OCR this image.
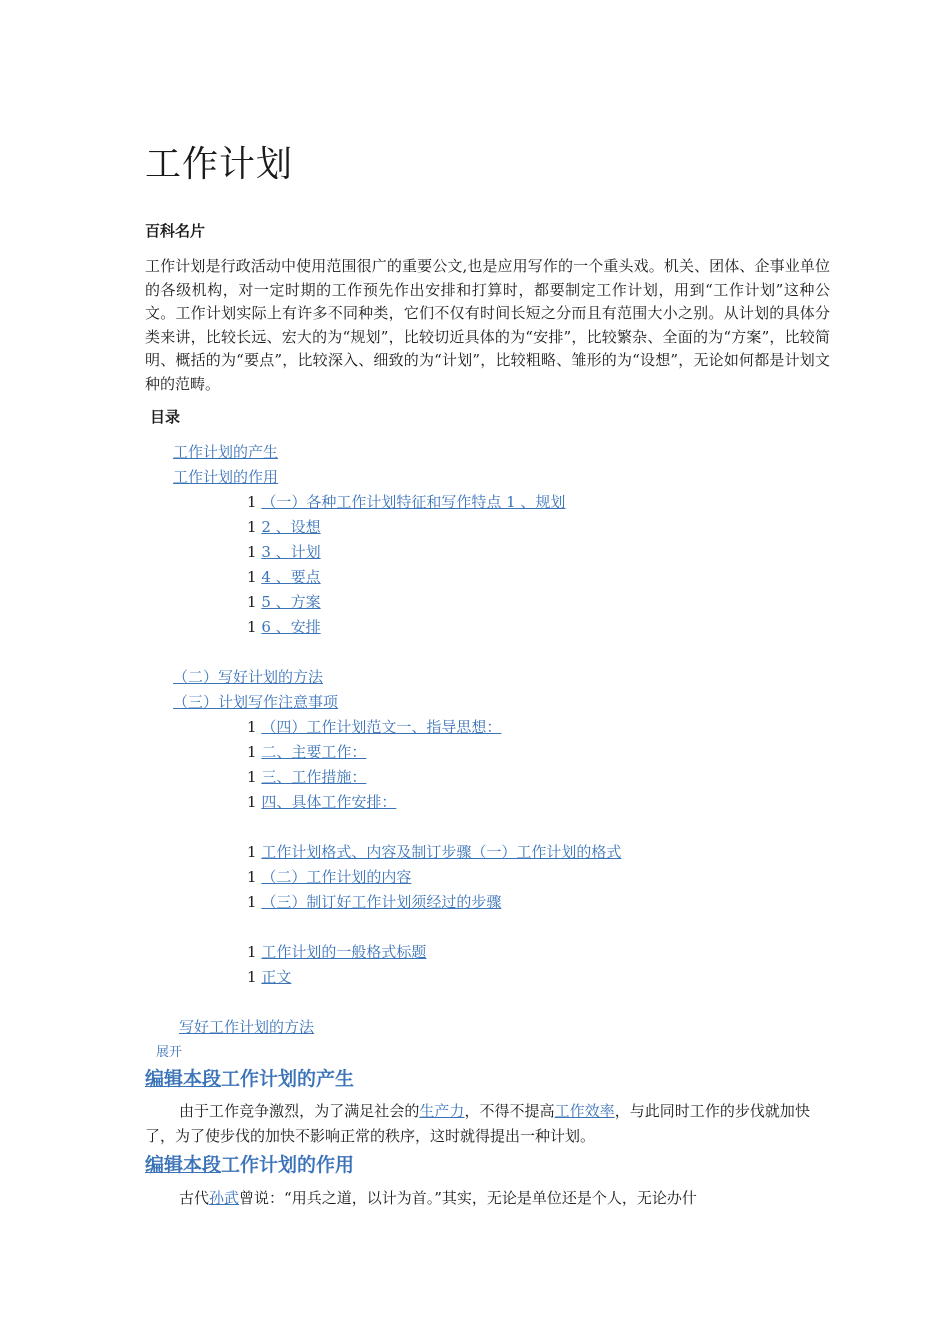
工作计划
百科名片

工作计划是行政活动中使用范围很广的重要公文,也是应用写作的一个重头戏。机关、团体、企事业单位的各级机构，对一定时期的工作预先作出安排和打算时，都要制定工作计划，用到“工作计划”这种公文。工作计划实际上有许多不同种类，它们不仅有时间长短之分而且有范围大小之别。从计划的具体分类来讲，比较长远、宏大的为“规划”，比较切近具体的为“安排”，比较繁杂、全面的为“方案”，比较简明、概括的为“要点”，比较深入、细致的为“计划”，比较粗略、雏形的为“设想”，无论如何都是计划文种的范畴。

目录
工作计划的产生
工作计划的作用
1 （一）各种工作计划特征和写作特点 1 、规划
1 2 、设想
1 3 、计划
1 4 、要点
1 5 、方案
1 6 、安排
（二）写好计划的方法
（三）计划写作注意事项
1 （四）工作计划范文一、指导思想：
1 二、主要工作：
1 三、工作措施：
1 四、具体工作安排：
1 工作计划格式、内容及制订步骤（一）工作计划的格式
1 （二）工作计划的内容
1 （三）制订好工作计划须经过的步骤
1 工作计划的一般格式标题
1 正文
写好工作计划的方法
展开
编辑本段工作计划的产生

由于工作竞争激烈，为了满足社会的生产力，不得不提高工作效率，与此同时工作的步伐就加快了，为了使步伐的加快不影响正常的秩序，这时就得提出一种计划。

编辑本段工作计划的作用

古代孙武曾说：“用兵之道，以计为首。”其实，无论是单位还是个人，无论办什
